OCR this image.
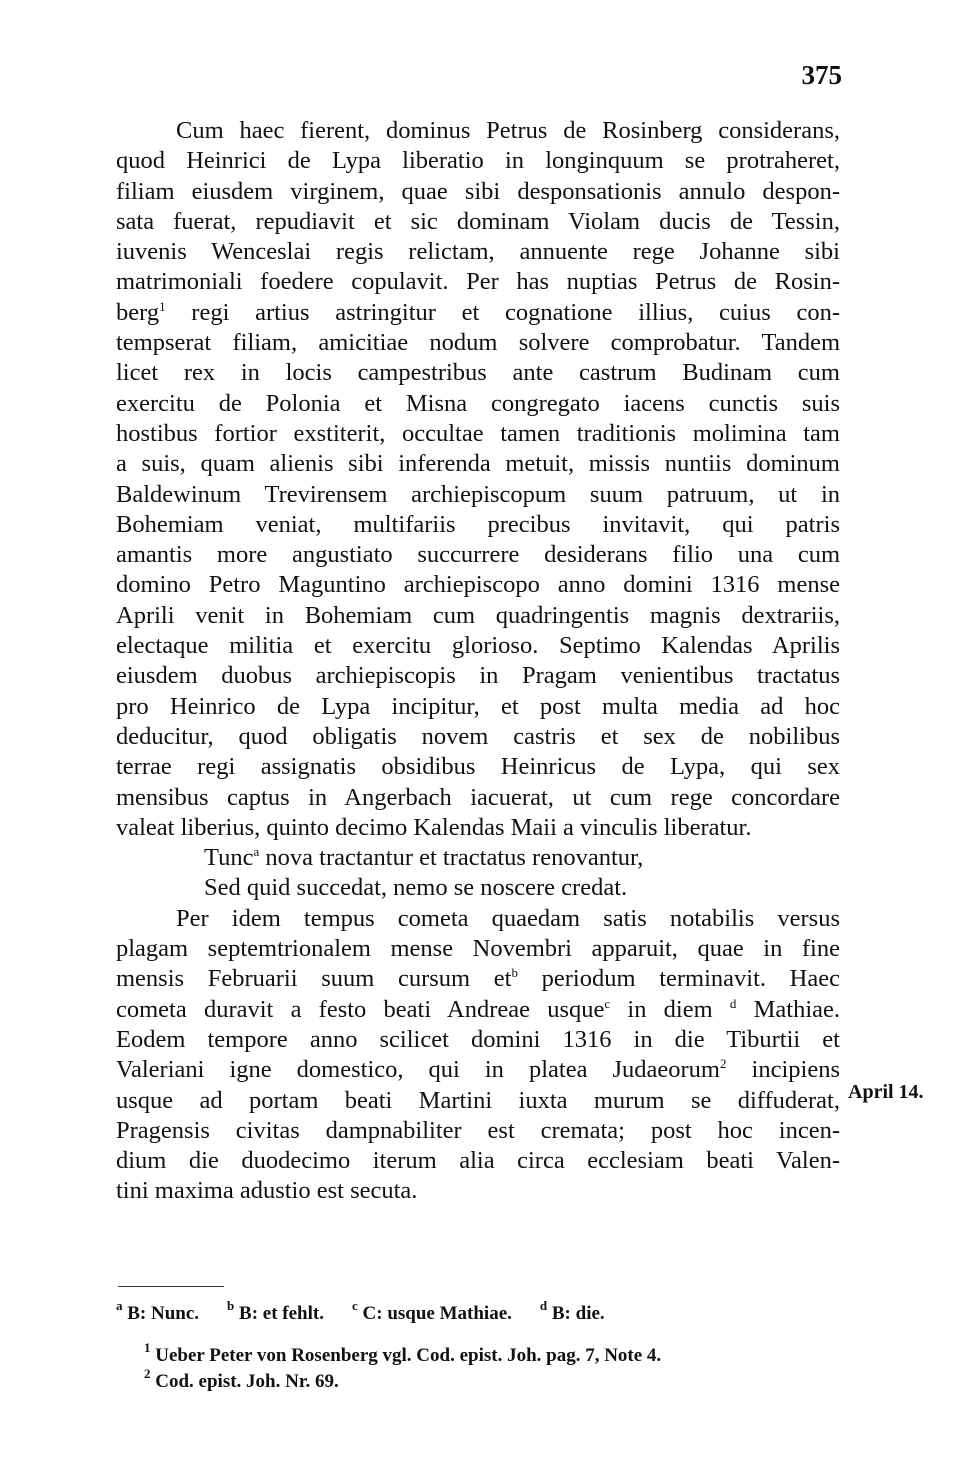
375
Cum haec fierent, dominus Petrus de Rosinberg considerans,
quod Heinrici de Lypa liberatio in longinquum se protraheret,
filiam eiusdem virginem, quae sibi desponsationis annulo despon-
sata fuerat, repudiavit et sic dominam Violam ducis de Tessin,
iuvenis Wenceslai regis relictam, annuente rege Johanne sibi
matrimoniali foedere copulavit. Per has nuptias Petrus de Rosin-
berg$^1$ regi artius astringitur et cognatione illius, cuius con-
tempserat filiam, amicitiae nodum solvere comprobatur. Tandem
licet rex in locis campestribus ante castrum Budinam cum
exercitu de Polonia et Misna congregato iacens cunctis suis
hostibus fortior exstiterit, occultae tamen traditionis molimina tam
a suis, quam alienis sibi inferenda metuit, missis nuntiis dominum
Baldewinum Trevirensem archiepiscopum suum patruum, ut in
Bohemiam veniat, multifariis precibus invitavit, qui patris
amantis more angustiato succurrere desiderans filio una cum
domino Petro Maguntino archiepiscopo anno domini 1316 mense
Aprili venit in Bohemiam cum quadringentis magnis dextrariis,
electaque militia et exercitu glorioso. Septimo Kalendas Aprilis
eiusdem duobus archiepiscopis in Pragam venientibus tractatus
pro Heinrico de Lypa incipitur, et post multa media ad hoc
deducitur, quod obligatis novem castris et sex de nobilibus
terrae regi assignatis obsidibus Heinricus de Lypa, qui sex
mensibus captus in Angerbach iacuerat, ut cum rege concordare
valeat liberius, quinto decimo Kalendas Maii a vinculis liberatur.
Tunc$^a$ nova tractantur et tractatus renovantur,
Sed quid succedat, nemo se noscere credat.
Per idem tempus cometa quaedam satis notabilis versus
plagam septemtrionalem mense Novembri apparuit, quae in fine
mensis Februarii suum cursum $et^b$ periodum terminavit. Haec
cometa duravit a festo beati Andreae usque$^c$ in diem $^d$ Mathiae.
Eodem tempore anno scilicet domini 1316 in die Tiburtii et
Valeriani igne domestico, qui in platea Judaeorum$^2$ incipiens
usque ad portam beati Martini iuxta murum se diffuderat,
Pragensis civitas dampnabiliter est cremata; post hoc incen-
dium die duodecimo iterum alia circa ecclesiam beati Valen-
tini maxima adustio est secuta.
April 14.
$^a$ B: Nunc. $^b$ B: et fehlt. $^c$ C: usque Mathiae. $^d$ B: die.
$^1$ Ueber Peter von Rosenberg vgl. Cod. epist. Joh. pag. 7, Note 4.
$^2$ Cod. epist. Joh. Nr. 69.
